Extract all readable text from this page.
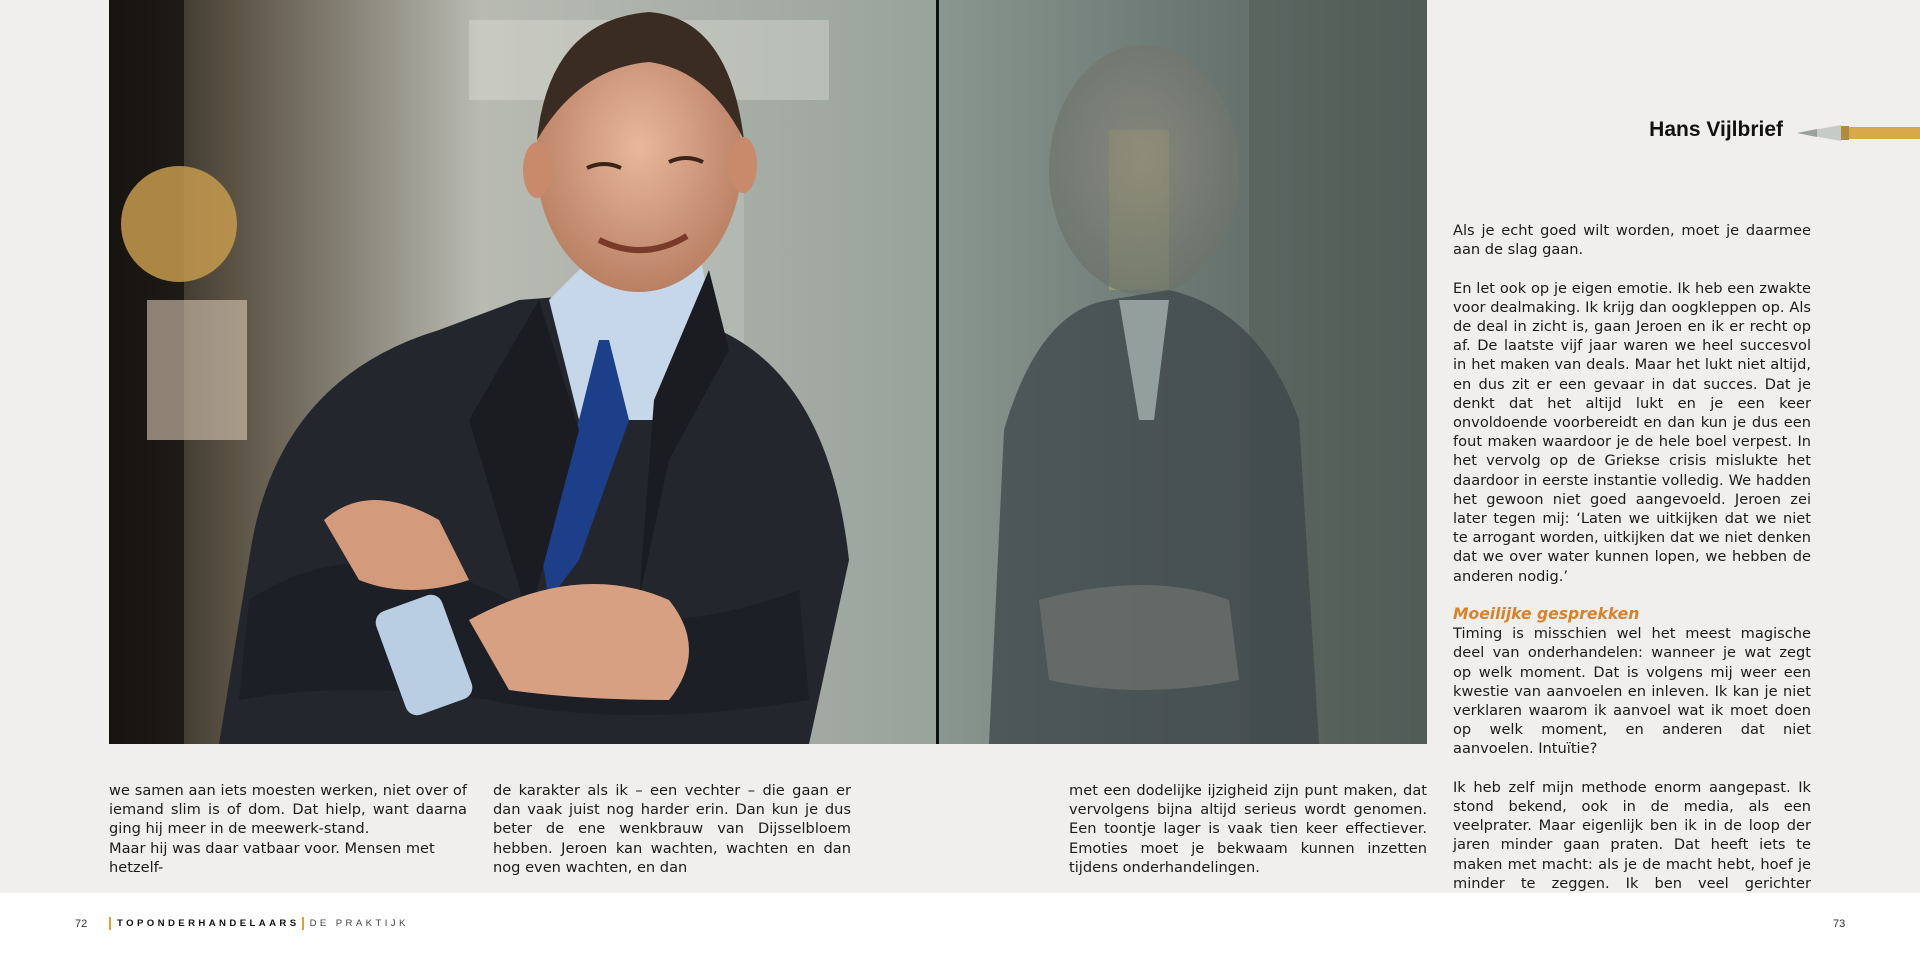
Hans Vijlbrief

we samen aan iets moesten werken, niet over of iemand slim is of dom. Dat hielp, want daarna ging hij meer in de meewerk-stand.

Maar hij was daar vatbaar voor. Mensen met hetzelf-

de karakter als ik – een vechter – die gaan er dan vaak juist nog harder erin. Dan kun je dus beter de ene wenkbrauw van Dijsselbloem hebben. Jeroen kan wachten, wachten en dan nog even wachten, en dan

met een dodelijke ijzigheid zijn punt maken, dat vervolgens bijna altijd serieus wordt genomen. Een toontje lager is vaak tien keer effectiever. Emoties moet je bekwaam kunnen inzetten tijdens onderhandelingen.

Als je echt goed wilt worden, moet je daarmee aan de slag gaan.

En let ook op je eigen emotie. Ik heb een zwakte voor dealmaking. Ik krijg dan oogkleppen op. Als de deal in zicht is, gaan Jeroen en ik er recht op af. De laatste vijf jaar waren we heel succesvol in het maken van deals. Maar het lukt niet altijd, en dus zit er een gevaar in dat succes. Dat je denkt dat het altijd lukt en je een keer onvoldoende voorbereidt en dan kun je dus een fout maken waardoor je de hele boel verpest. In het vervolg op de Griekse crisis mislukte het daardoor in eerste instantie volledig. We hadden het gewoon niet goed aangevoeld. Jeroen zei later tegen mij: ‘Laten we uitkijken dat we niet te arrogant worden, uitkijken dat we niet denken dat we over water kunnen lopen, we hebben de anderen nodig.’

Moeilijke gesprekken

Timing is misschien wel het meest magische deel van onderhandelen: wanneer je wat zegt op welk moment. Dat is volgens mij weer een kwestie van aanvoelen en inleven. Ik kan je niet verklaren waarom ik aanvoel wat ik moet doen op welk moment, en anderen dat niet aanvoelen. Intuïtie?

Ik heb zelf mijn methode enorm aangepast. Ik stond bekend, ook in de media, als een veelprater. Maar eigenlijk ben ik in de loop der jaren minder gaan praten. Dat heeft iets te maken met macht: als je de macht hebt, hoef je minder te zeggen. Ik ben veel gerichter

72	TOPONDERHANDELAARS DE PRAKTIJK	73
